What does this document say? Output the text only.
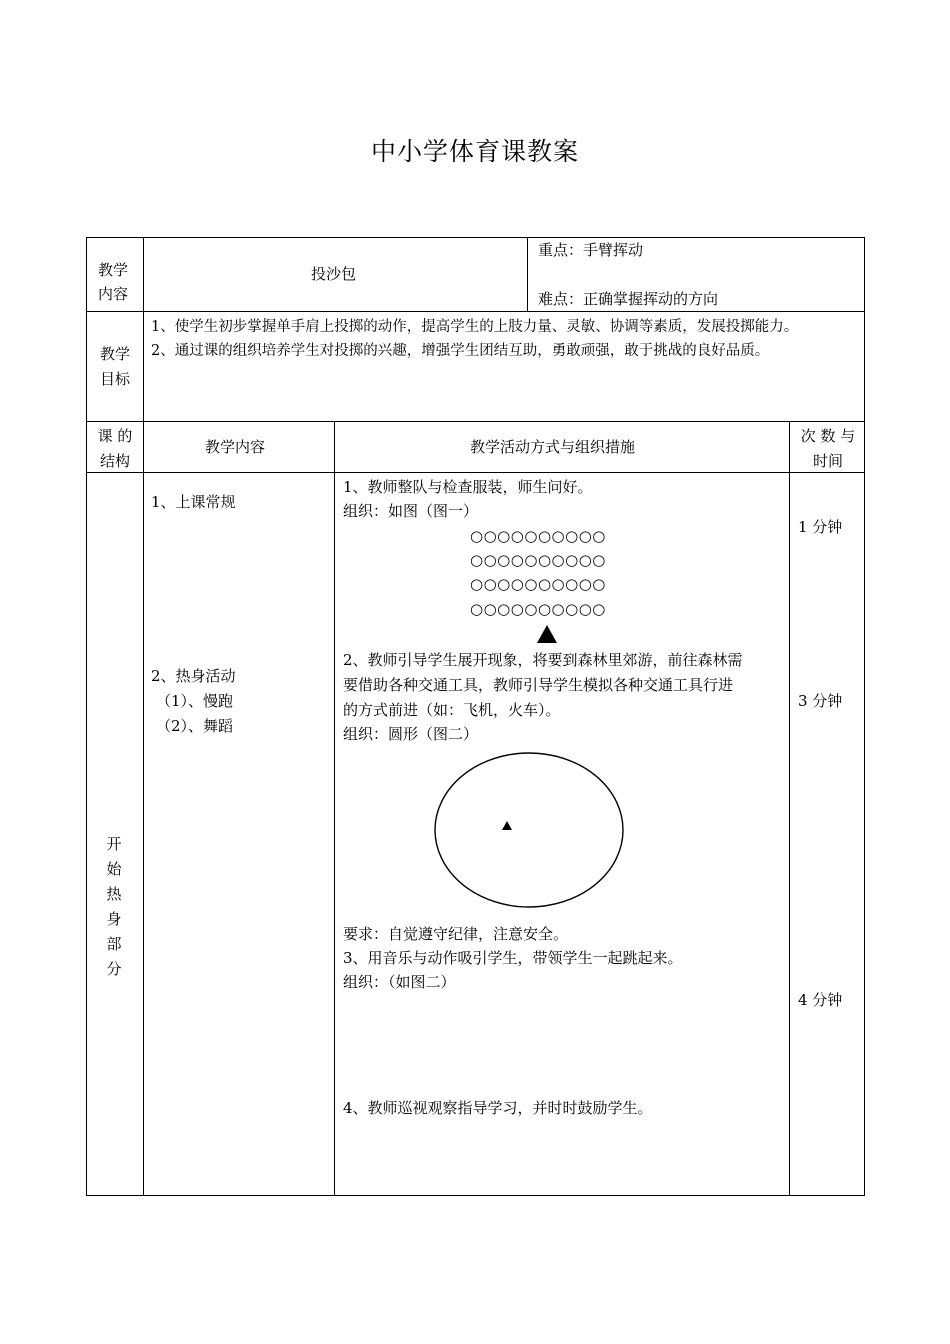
中小学体育课教案
教学内容
投沙包
重点：手臂挥动
难点：正确掌握挥动的方向
教学目标
1、使学生初步掌握单手肩上投掷的动作，提高学生的上肢力量、灵敏、协调等素质，发展投掷能力。
2、通过课的组织培养学生对投掷的兴趣，增强学生团结互助，勇敢顽强，敢于挑战的良好品质。
课 的结构
教学内容	教学活动方式与组织措施
次 数 与时间
开始热身部分
1、上课常规
2、热身活动
（1）、慢跑
（2）、舞蹈
1、教师整队与检查服装，师生问好。
组织：如图（图一）
○○○○○○○○○○
○○○○○○○○○○
○○○○○○○○○○
○○○○○○○○○○
2、教师引导学生展开现象，将要到森林里郊游，前往森林需
要借助各种交通工具，教师引导学生模拟各种交通工具行进
的方式前进（如：飞机，火车）。
组织：圆形（图二）
要求：自觉遵守纪律，注意安全。
3、用音乐与动作吸引学生，带领学生一起跳起来。
组织：（如图二）
4、教师巡视观察指导学习，并时时鼓励学生。
1 分钟
3 分钟
4 分钟
